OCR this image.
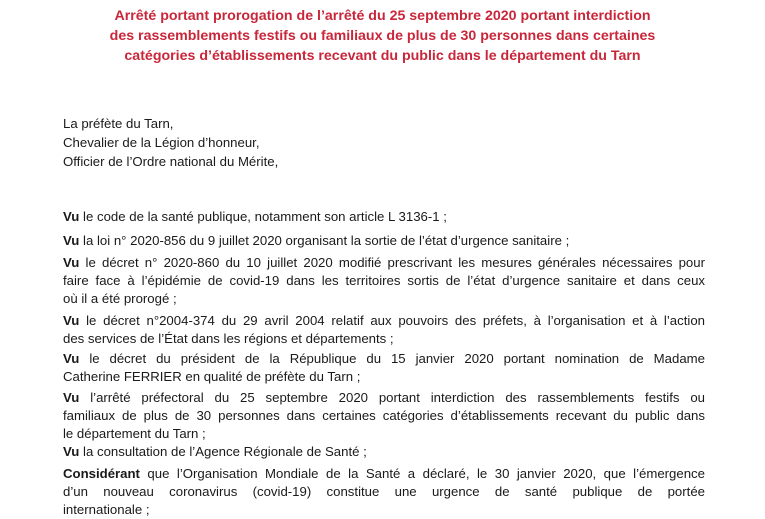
Arrêté portant prorogation de l’arrêté du 25 septembre 2020 portant interdiction
des rassemblements festifs ou familiaux de plus de 30 personnes dans certaines
catégories d’établissements recevant du public dans le département du Tarn
La préfète du Tarn,
Chevalier de la Légion d’honneur,
Officier de l’Ordre national du Mérite,
Vu le code de la santé publique, notamment son article L 3136-1 ;
Vu la loi n° 2020-856 du 9 juillet 2020 organisant la sortie de l’état d’urgence sanitaire ;
Vu le décret n° 2020-860 du 10 juillet 2020 modifié prescrivant les mesures générales nécessaires pour
faire face à l’épidémie de covid-19 dans les territoires sortis de l’état d’urgence sanitaire et dans ceux
où il a été prorogé ;
Vu le décret n°2004-374 du 29 avril 2004 relatif aux pouvoirs des préfets, à l’organisation et à l’action
des services de l’État dans les régions et départements ;
Vu le décret du président de la République du 15 janvier 2020 portant nomination de Madame
Catherine FERRIER en qualité de préfète du Tarn ;
Vu l’arrêté préfectoral du 25 septembre 2020 portant interdiction des rassemblements festifs ou
familiaux de plus de 30 personnes dans certaines catégories d’établissements recevant du public dans
le département du Tarn ;
Vu la consultation de l’Agence Régionale de Santé ;
Considérant que l’Organisation Mondiale de la Santé a déclaré, le 30 janvier 2020, que l’émergence
d’un nouveau coronavirus (covid-19) constitue une urgence de santé publique de portée
internationale ;
